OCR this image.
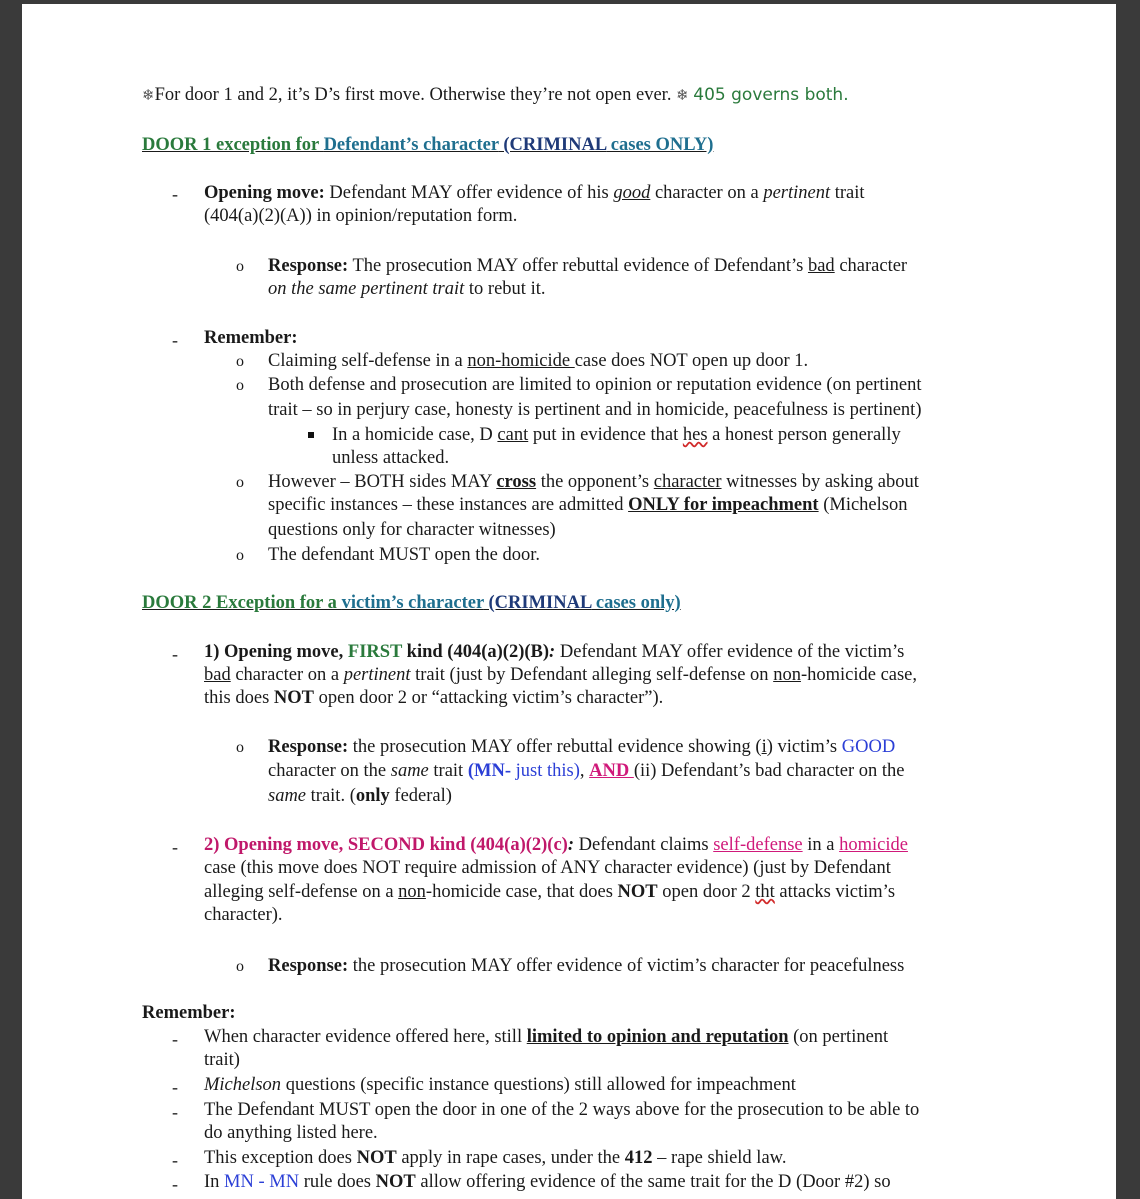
❄For door 1 and 2, it’s D’s first move. Otherwise they’re not open ever. ❄ 405 governs both.
DOOR 1 exception for Defendant’s character (CRIMINAL cases ONLY)
- Opening move: Defendant MAY offer evidence of his good character on a pertinent trait
(404(a)(2)(A)) in opinion/reputation form.
o Response: The prosecution MAY offer rebuttal evidence of Defendant’s bad character
on the same pertinent trait to rebut it.
- Remember:
o Claiming self-defense in a non-homicide case does NOT open up door 1.
o Both defense and prosecution are limited to opinion or reputation evidence (on pertinent
trait – so in perjury case, honesty is pertinent and in homicide, peacefulness is pertinent)
In a homicide case, D cant put in evidence that hes a honest person generally
unless attacked.
o However – BOTH sides MAY cross the opponent’s character witnesses by asking about
specific instances – these instances are admitted ONLY for impeachment (Michelson
questions only for character witnesses)
o The defendant MUST open the door.
DOOR 2 Exception for a victim’s character (CRIMINAL cases only)
- 1) Opening move, FIRST kind (404(a)(2)(B): Defendant MAY offer evidence of the victim’s
bad character on a pertinent trait (just by Defendant alleging self-defense on non-homicide case,
this does NOT open door 2 or “attacking victim’s character”).
o Response: the prosecution MAY offer rebuttal evidence showing (i) victim’s GOOD
character on the same trait (MN- just this), AND (ii) Defendant’s bad character on the
same trait. (only federal)
- 2) Opening move, SECOND kind (404(a)(2)(c): Defendant claims self-defense in a homicide
case (this move does NOT require admission of ANY character evidence) (just by Defendant
alleging self-defense on a non-homicide case, that does NOT open door 2 tht attacks victim’s
character).
o Response: the prosecution MAY offer evidence of victim’s character for peacefulness
Remember:
- When character evidence offered here, still limited to opinion and reputation (on pertinent
trait)
- Michelson questions (specific instance questions) still allowed for impeachment
- The Defendant MUST open the door in one of the 2 ways above for the prosecution to be able to
do anything listed here.
- This exception does NOT apply in rape cases, under the 412 – rape shield law.
- In MN - MN rule does NOT allow offering evidence of the same trait for the D (Door #2) so
